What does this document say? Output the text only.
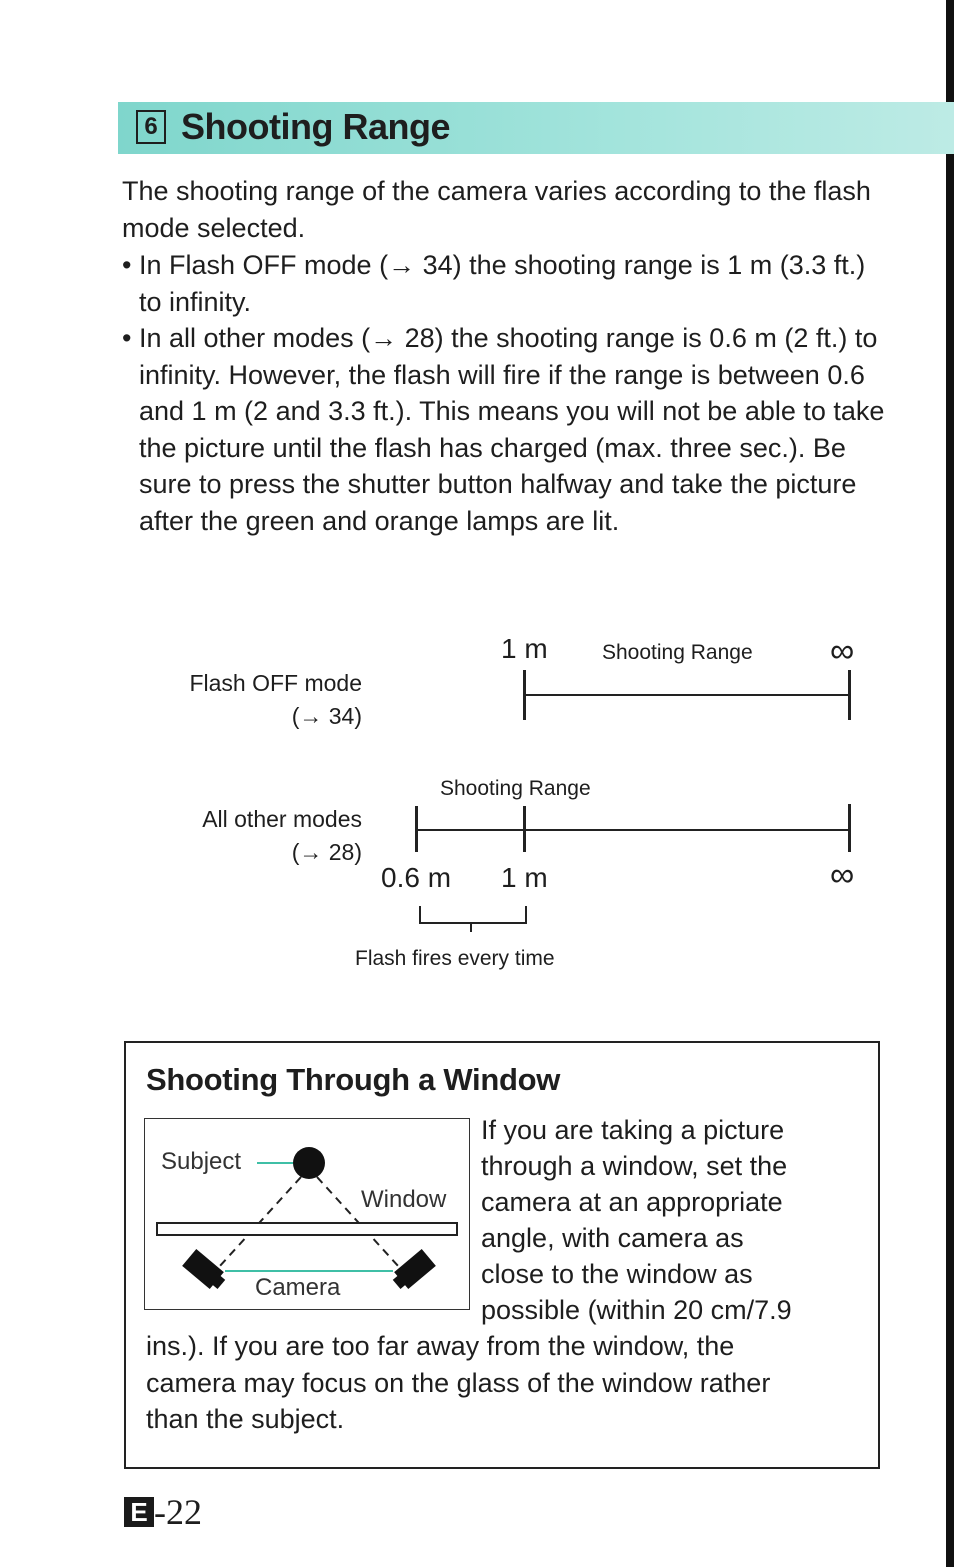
6 Shooting Range

The shooting range of the camera varies according to the flash mode selected.

• In Flash OFF mode (→ 34) the shooting range is 1 m (3.3 ft.) to infinity.
• In all other modes (→ 28) the shooting range is 0.6 m (2 ft.) to infinity. However, the flash will fire if the range is between 0.6 and 1 m (2 and 3.3 ft.). This means you will not be able to take the picture until the flash has charged (max. three sec.). Be sure to press the shutter button halfway and take the picture after the green and orange lamps are lit.
1 m	Shooting Range ∞
Flash OFF mode
(→ 34)
Shooting Range
All other modes
(→ 28)
0.6 m 1 m	∞
Flash fires every time
Shooting Through a Window
Subject
Window
Camera
If you are taking a picture
through a window, set the
camera at an appropriate
angle, with camera as
close to the window as
possible (within 20 cm/7.9
ins.). If you are too far away from the window, the
camera may focus on the glass of the window rather
than the subject.
E -22
